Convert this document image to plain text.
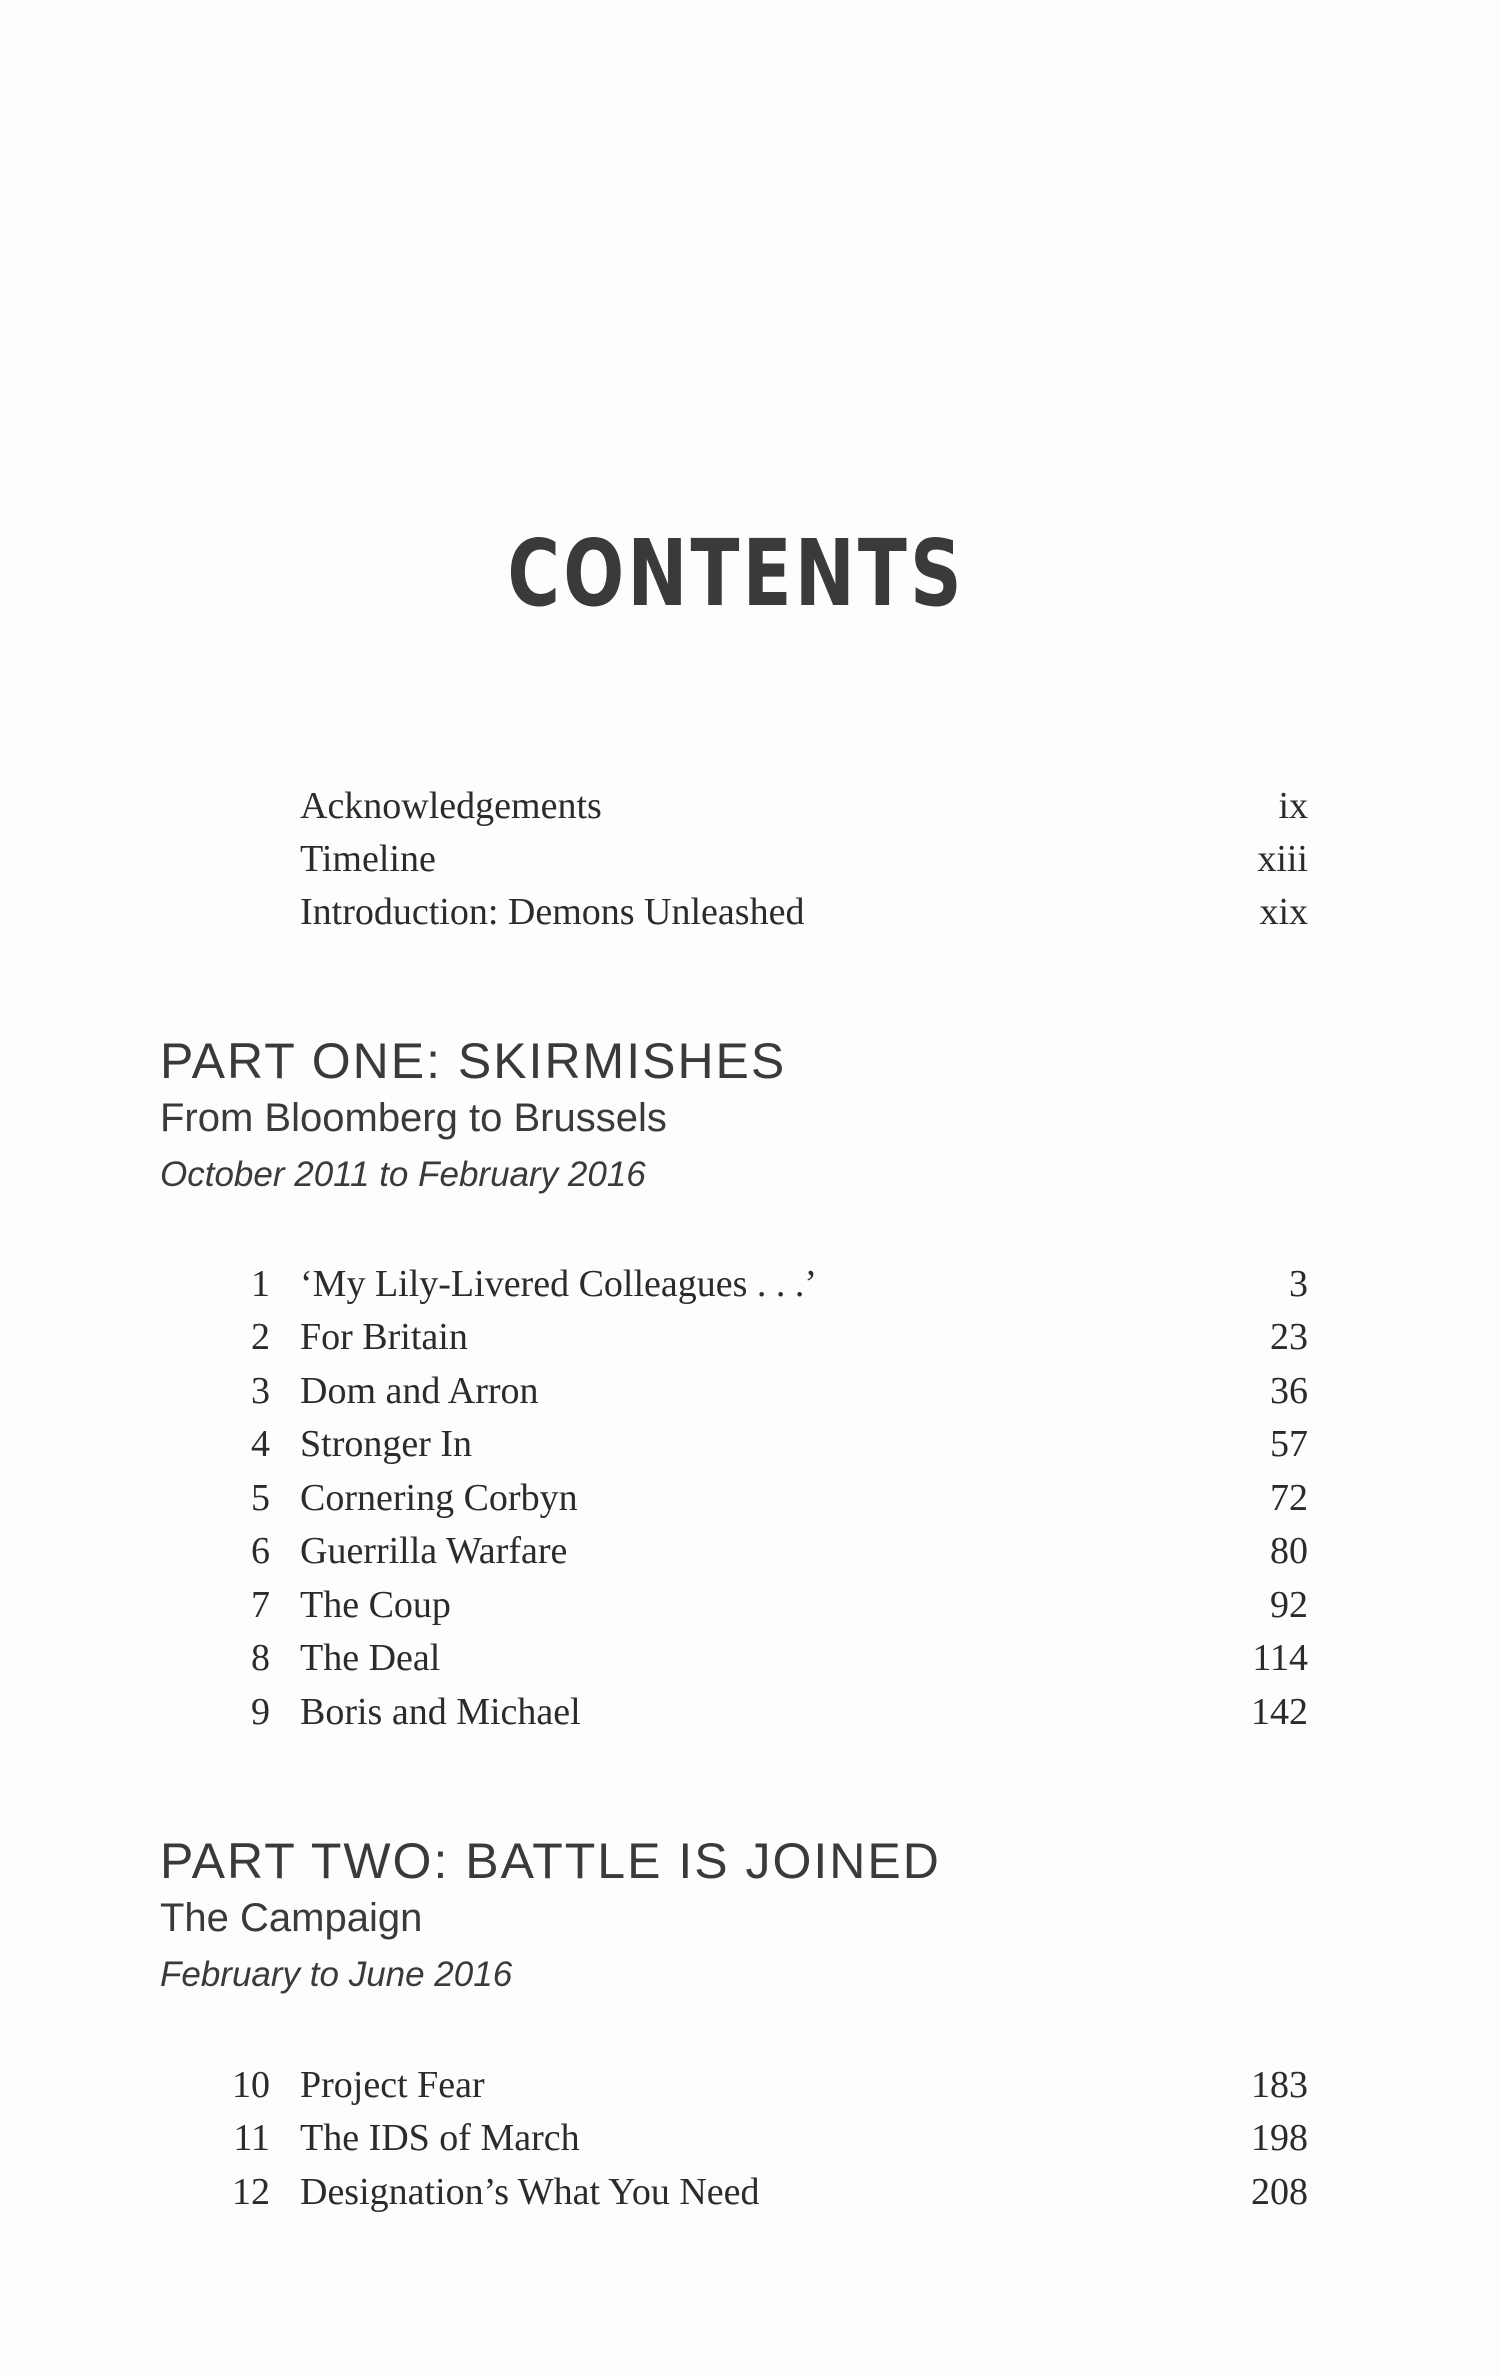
CONTENTS
Acknowledgements	ix
Timeline	xiii
Introduction: Demons Unleashed	xix
PART ONE: SKIRMISHES
From Bloomberg to Brussels
October 2011 to February 2016
1 ‘My Lily-Livered Colleagues . . .’	3
2 For Britain	23
3 Dom and Arron	36
4 Stronger In	57
5 Cornering Corbyn	72
6 Guerrilla Warfare	80
7 The Coup	92
8 The Deal	114
9 Boris and Michael	142
PART TWO: BATTLE IS JOINED
The Campaign
February to June 2016
10 Project Fear	183
11 The IDS of March	198
12 Designation’s What You Need	208
